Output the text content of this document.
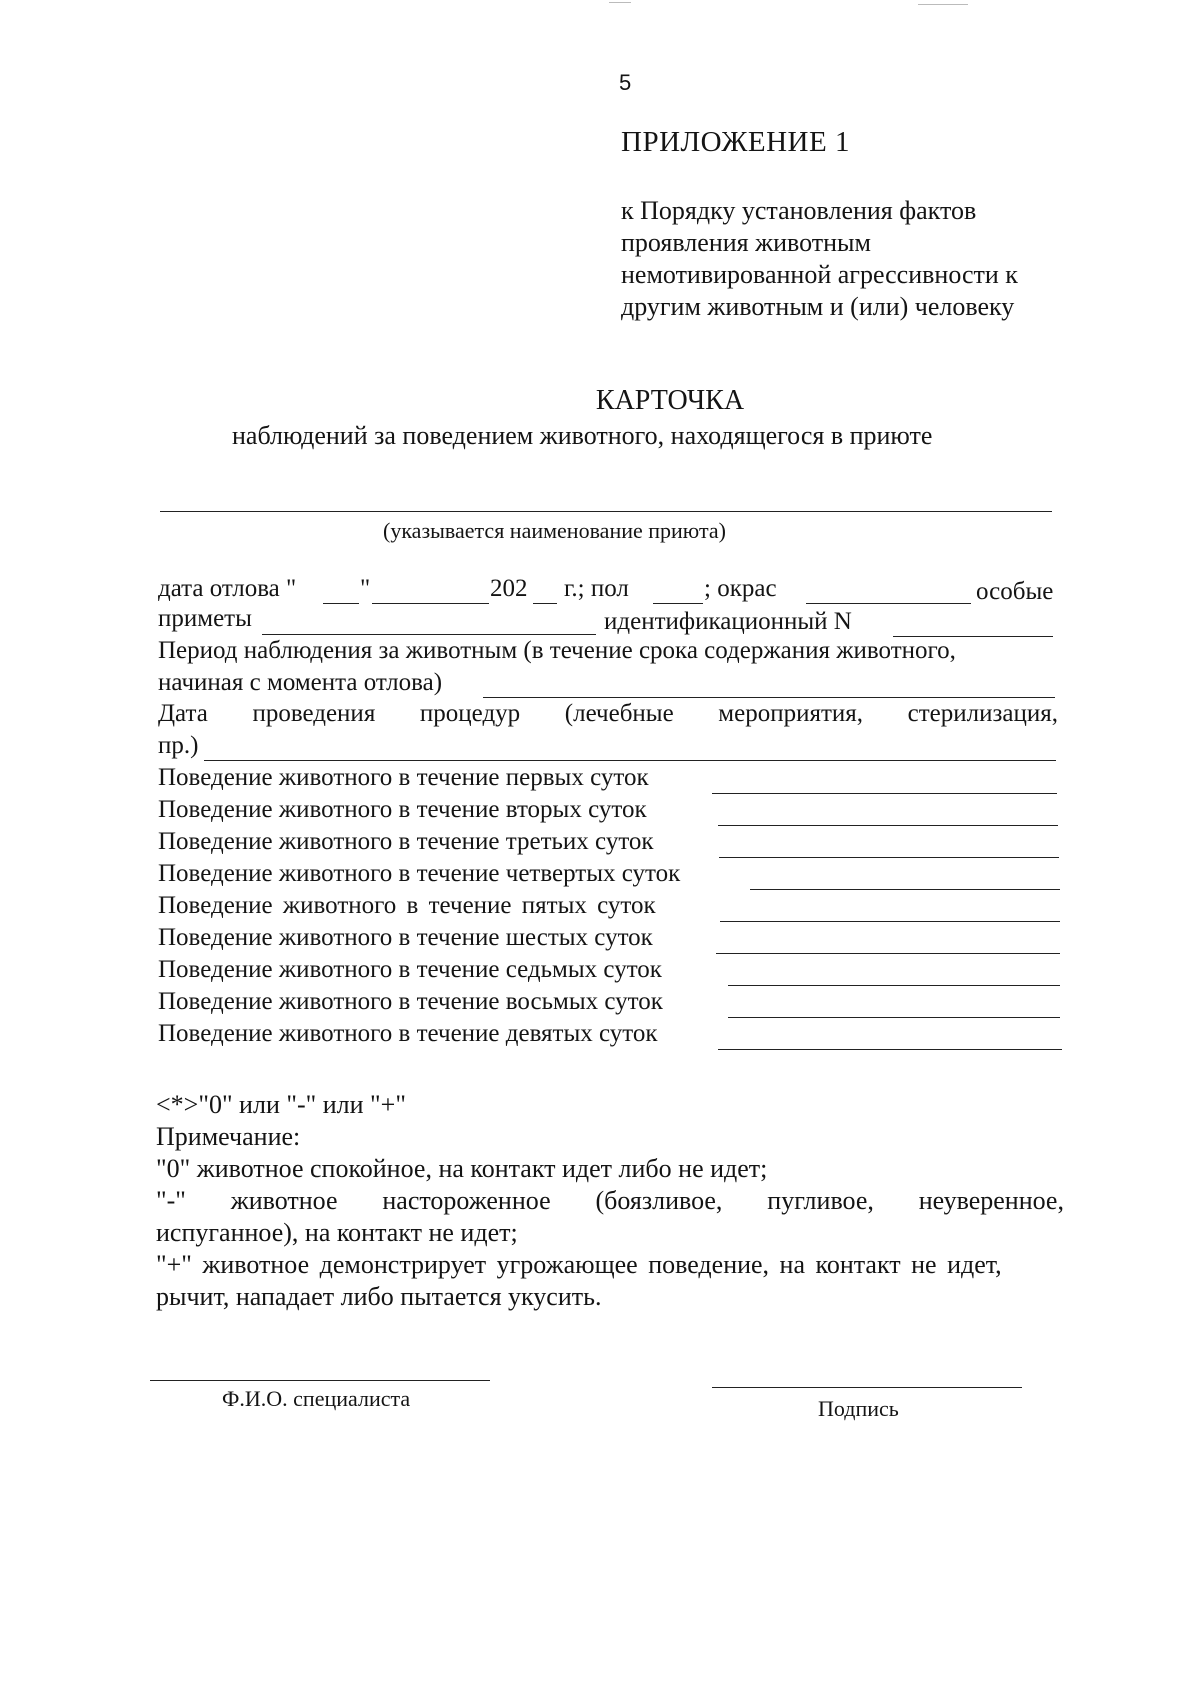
5
ПРИЛОЖЕНИЕ 1
к Порядку установления фактов
проявления животным
немотивированной агрессивности к
другим животным и (или) человеку
КАРТОЧКА
наблюдений за поведением животного, находящегося в приюте
(указывается наименование приюта)
дата отлова "	"	202 г.; пол	; окрас	особые
приметы	идентификационный N
Период наблюдения за животным (в течение срока содержания животного,
начиная с момента отлова)
Дата проведения процедур (лечебные мероприятия, стерилизация,
пр.)
Поведение животного в течение первых суток
Поведение животного в течение вторых суток
Поведение животного в течение третьих суток
Поведение животного в течение четвертых суток
Поведение животного в течение пятых суток
Поведение животного в течение шестых суток
Поведение животного в течение седьмых суток
Поведение животного в течение восьмых суток
Поведение животного в течение девятых суток
<*>"0" или "-" или "+"
Примечание:
"0" животное спокойное, на контакт идет либо не идет;
"-" животное настороженное (боязливое, пугливое, неуверенное,
испуганное), на контакт не идет;
"+" животное демонстрирует угрожающее поведение, на контакт не идет,
рычит, нападает либо пытается укусить.
Ф.И.О. специалиста	Подпись
